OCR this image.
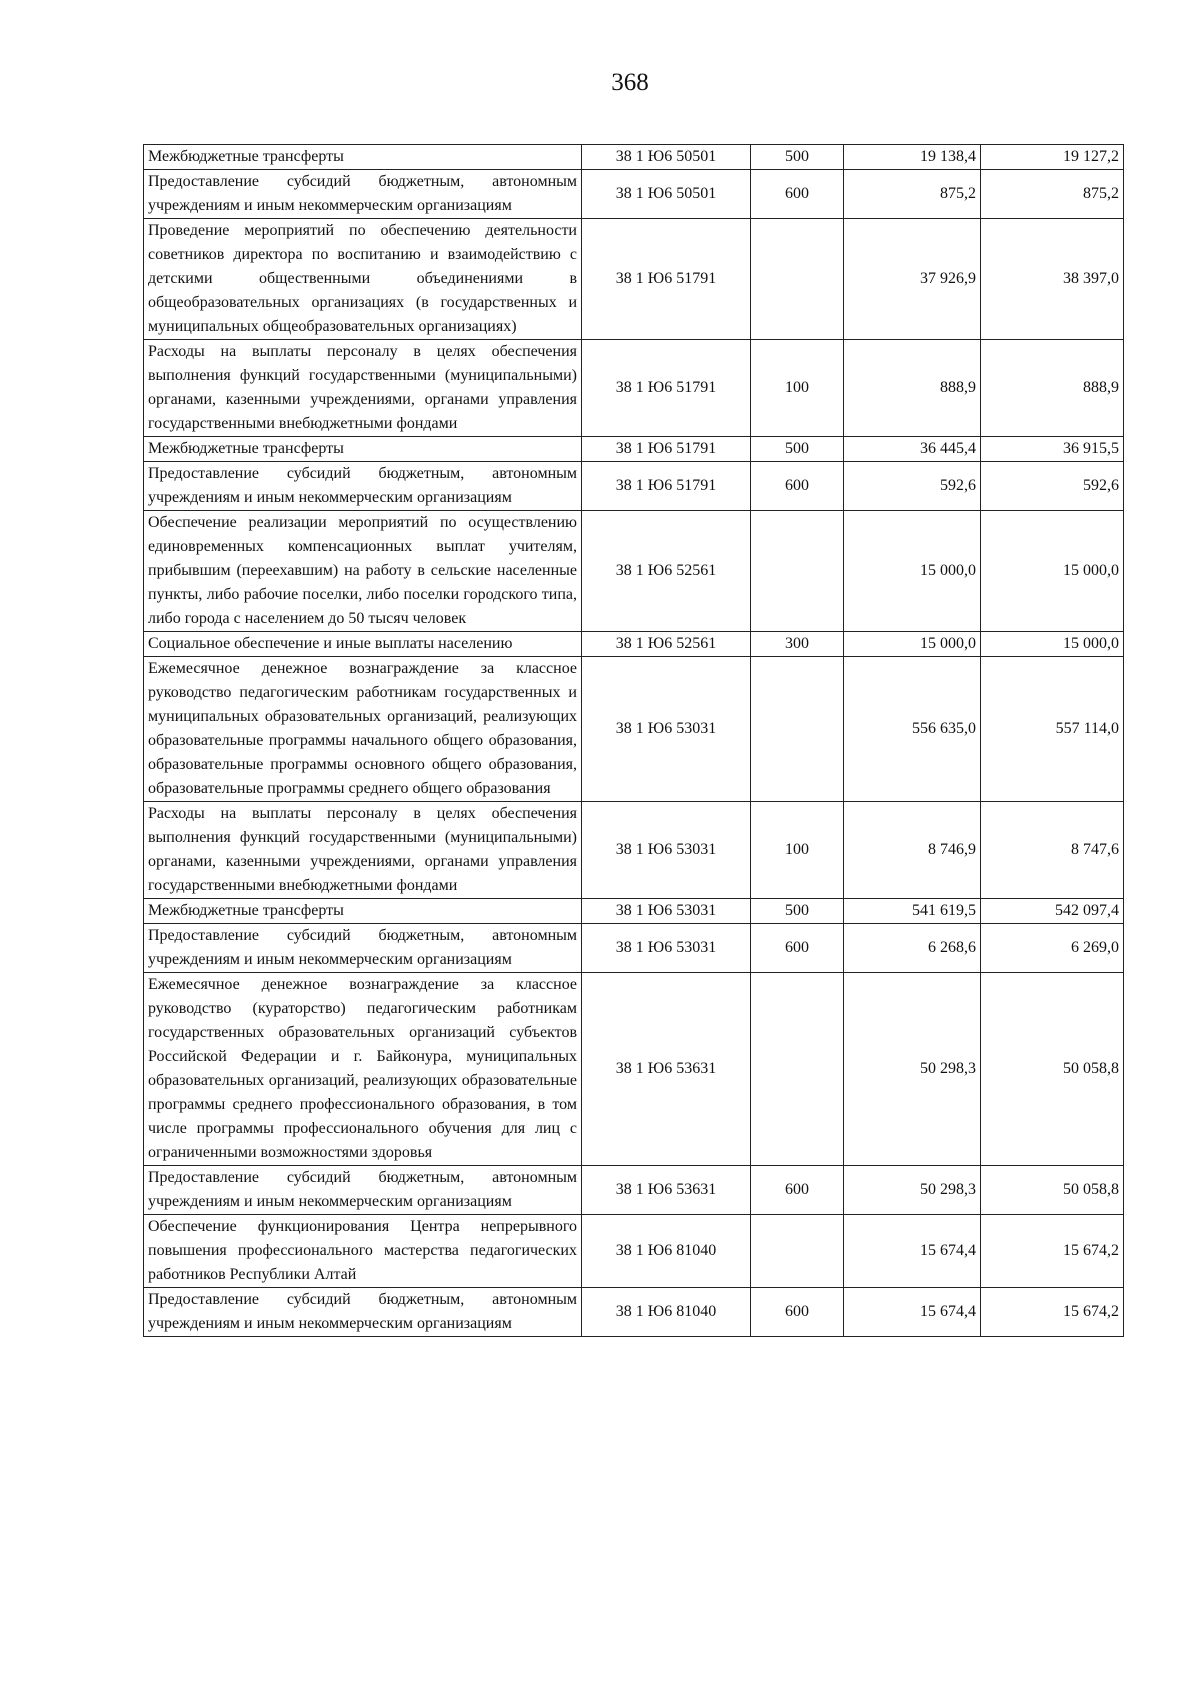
368
Межбюджетные трансферты	38 1 Ю6 50501	500	19 138,4	19 127,2
Предоставление субсидий бюджетным, автономным учреждениям и иным некоммерческим организациям	38 1 Ю6 50501	600	875,2	875,2
Проведение мероприятий по обеспечению деятельности советников директора по воспитанию и взаимодействию с детскими общественными объединениями в общеобразовательных организациях (в государственных и муниципальных общеобразовательных организациях)	38 1 Ю6 51791		37 926,9	38 397,0
Расходы на выплаты персоналу в целях обеспечения выполнения функций государственными (муниципальными) органами, казенными учреждениями, органами управления государственными внебюджетными фондами	38 1 Ю6 51791	100	888,9	888,9
Межбюджетные трансферты	38 1 Ю6 51791	500	36 445,4	36 915,5
Предоставление субсидий бюджетным, автономным учреждениям и иным некоммерческим организациям	38 1 Ю6 51791	600	592,6	592,6
Обеспечение реализации мероприятий по осуществлению единовременных компенсационных выплат учителям, прибывшим (переехавшим) на работу в сельские населенные пункты, либо рабочие поселки, либо поселки городского типа, либо города с населением до 50 тысяч человек	38 1 Ю6 52561		15 000,0	15 000,0
Социальное обеспечение и иные выплаты населению	38 1 Ю6 52561	300	15 000,0	15 000,0
Ежемесячное денежное вознаграждение за классное руководство педагогическим работникам государственных и муниципальных образовательных организаций, реализующих образовательные программы начального общего образования, образовательные программы основного общего образования, образовательные программы среднего общего образования	38 1 Ю6 53031		556 635,0	557 114,0
Расходы на выплаты персоналу в целях обеспечения выполнения функций государственными (муниципальными) органами, казенными учреждениями, органами управления государственными внебюджетными фондами	38 1 Ю6 53031	100	8 746,9	8 747,6
Межбюджетные трансферты	38 1 Ю6 53031	500	541 619,5	542 097,4
Предоставление субсидий бюджетным, автономным учреждениям и иным некоммерческим организациям	38 1 Ю6 53031	600	6 268,6	6 269,0
Ежемесячное денежное вознаграждение за классное руководство (кураторство) педагогическим работникам государственных образовательных организаций субъектов Российской Федерации и г. Байконура, муниципальных образовательных организаций, реализующих образовательные программы среднего профессионального образования, в том числе программы профессионального обучения для лиц с ограниченными возможностями здоровья	38 1 Ю6 53631		50 298,3	50 058,8
Предоставление субсидий бюджетным, автономным учреждениям и иным некоммерческим организациям	38 1 Ю6 53631	600	50 298,3	50 058,8
Обеспечение функционирования Центра непрерывного повышения профессионального мастерства педагогических работников Республики Алтай	38 1 Ю6 81040		15 674,4	15 674,2
Предоставление субсидий бюджетным, автономным учреждениям и иным некоммерческим организациям	38 1 Ю6 81040	600	15 674,4	15 674,2
